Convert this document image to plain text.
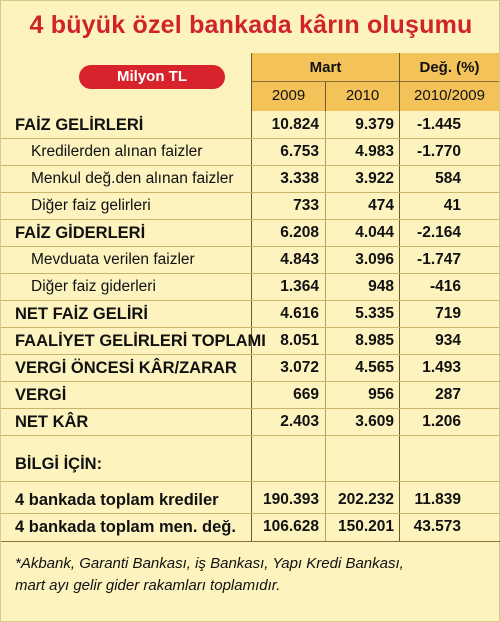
4 büyük özel bankada kârın oluşumu
Milyon TL
Mart	Değ. (%)
2009	2010	2010/2009
FAİZ GELİRLERİ	10.824	9.379	-1.445
Kredilerden alınan faizler	6.753	4.983	-1.770
Menkul değ.den alınan faizler	3.338	3.922	584
Diğer faiz gelirleri	733	474	41
FAİZ GİDERLERİ	6.208	4.044	-2.164
Mevduata verilen faizler	4.843	3.096	-1.747
Diğer faiz giderleri	1.364	948	-416
NET FAİZ GELİRİ	4.616	5.335	719
FAALİYET GELİRLERİ TOPLAMI 8.051	8.985	934
VERGİ ÖNCESİ KÂR/ZARAR	3.072	4.565	1.493
VERGİ	669	956	287
NET KÂR	2.403	3.609	1.206
BİLGİ İÇİN:
4 bankada toplam krediler	190.393	202.232	11.839
4 bankada toplam men. değ.	106.628	150.201	43.573
*Akbank, Garanti Bankası, iş Bankası, Yapı Kredi Bankası,
mart ayı gelir gider rakamları toplamıdır.
